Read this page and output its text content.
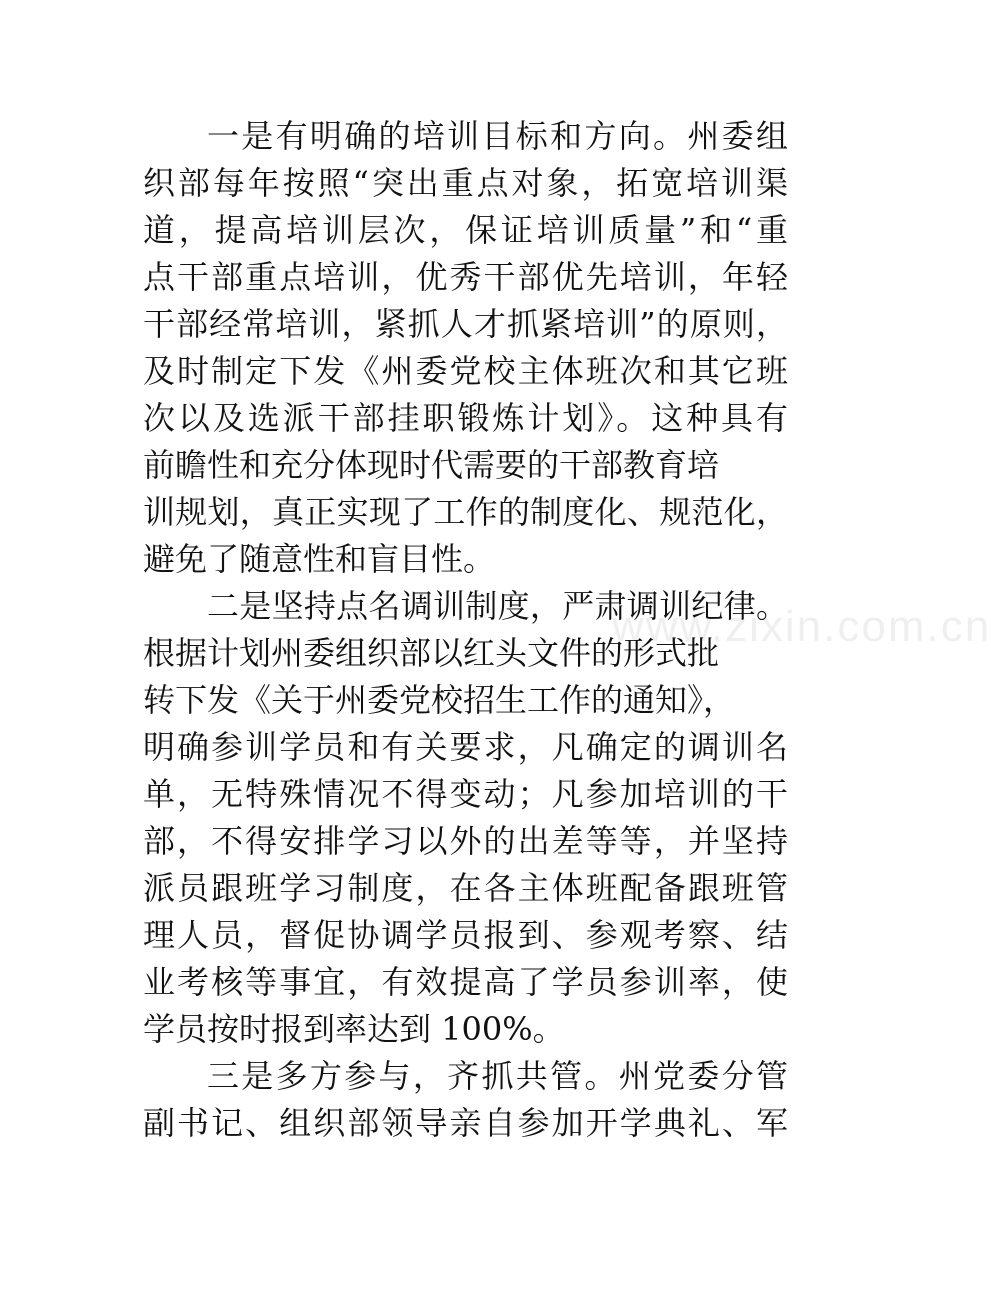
www.zixin.com.cn
一是有明确的培训目标和方向。州委组
织部每年按照“突出重点对象，拓宽培训渠
道，提高培训层次，保证培训质量”和“重
点干部重点培训，优秀干部优先培训，年轻
干部经常培训，紧抓人才抓紧培训”的原则，
及时制定下发《州委党校主体班次和其它班
次以及选派干部挂职锻炼计划》。这种具有
前瞻性和充分体现时代需要的干部教育培
训规划，真正实现了工作的制度化、规范化，
避免了随意性和盲目性。
二是坚持点名调训制度，严肃调训纪律。
根据计划州委组织部以红头文件的形式批
转下发《关于州委党校招生工作的通知》，
明确参训学员和有关要求，凡确定的调训名
单，无特殊情况不得变动；凡参加培训的干
部，不得安排学习以外的出差等等，并坚持
派员跟班学习制度，在各主体班配备跟班管
理人员，督促协调学员报到、参观考察、结
业考核等事宜，有效提高了学员参训率，使
学员按时报到率达到 100%。
三是多方参与，齐抓共管。州党委分管
副书记、组织部领导亲自参加开学典礼、军
